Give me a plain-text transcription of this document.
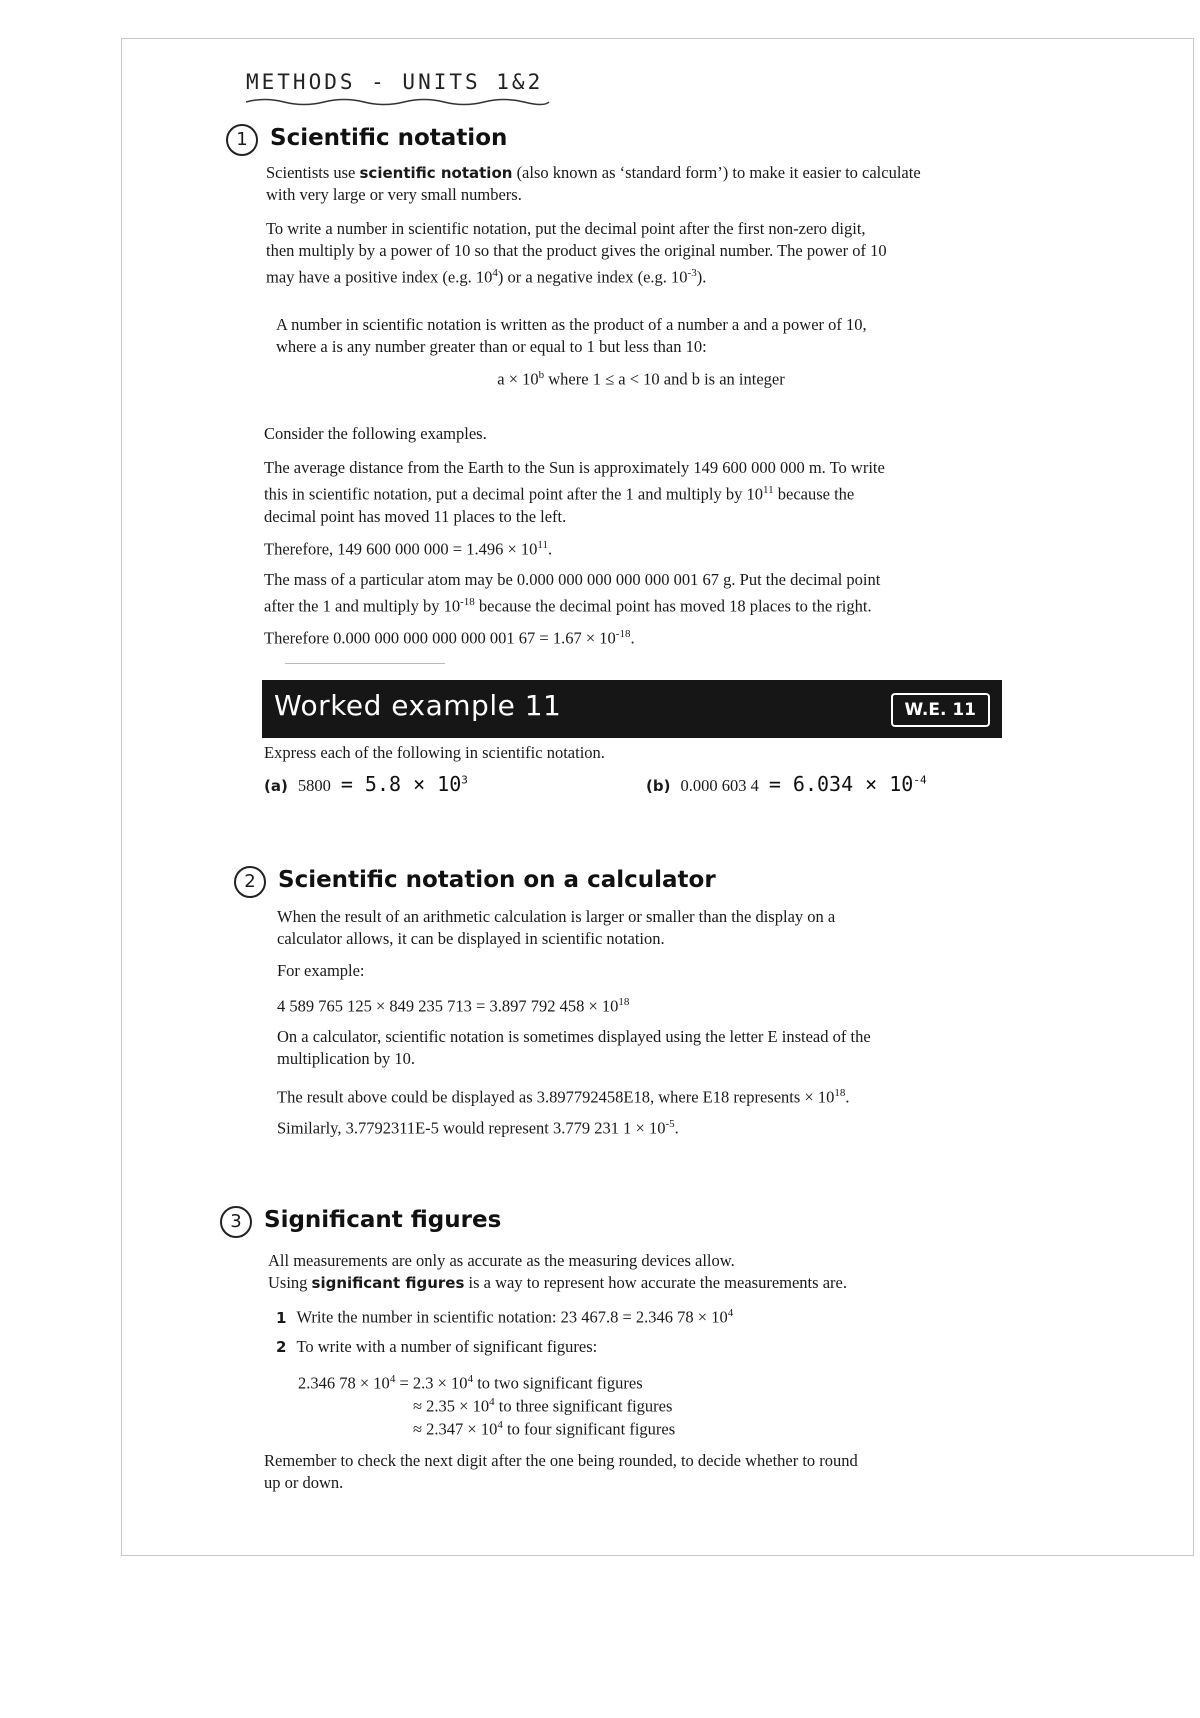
METHODS - UNITS 1&2
1 Scientific notation
Scientists use scientific notation (also known as ‘standard form’) to make it easier to calculate
with very large or very small numbers.
To write a number in scientific notation, put the decimal point after the first non-zero digit,
then multiply by a power of 10 so that the product gives the original number. The power of 10
may have a positive index (e.g. $10^4$) or a negative index (e.g. $10^{-3}$).
A number in scientific notation is written as the product of a number a and a power of 10,
where a is any number greater than or equal to 1 but less than 10:
$a \times 10^b$ where 1 ≤ a < 10 and b is an integer
Consider the following examples.
The average distance from the Earth to the Sun is approximately 149 600 000 000 m. To write
this in scientific notation, put a decimal point after the 1 and multiply by $10^{11}$ because the
decimal point has moved 11 places to the left.
Therefore, 149 600 000 $000 = 1.496 \times 10^{11}$.
The mass of a particular atom may be 0.000 000 000 000 000 001 67 g. Put the decimal point
after the 1 and multiply by $10^{-18}$ because the decimal point has moved 18 places to the right.
Therefore 0.000 000 000 000 000 001 $67 = 1.67 \times 10^{-18}$.
Worked example 11	W.E. 11
Express each of the following in scientific notation.
(a) $5800 = 5.8 \times 10^3$	(b) 0.000 603 $4 = 6.034 \times 10^{-4}$
2 Scientific notation on a calculator
When the result of an arithmetic calculation is larger or smaller than the display on a
calculator allows, it can be displayed in scientific notation.
For example:
4 589 765 125 × 849 235 713 = 3.897 792 $458 \times 10^{18}$
On a calculator, scientific notation is sometimes displayed using the letter E instead of the
multiplication by 10.
The result above could be displayed as 3.897792458E18, where E18 represents × $10^{18}$.
Similarly, 3.7792311E-5 would represent 3.779 231 $1 \times 10^{-5}$.
3 Significant figures
All measurements are only as accurate as the measuring devices allow.
Using significant figures is a way to represent how accurate the measurements are.
1 Write the number in scientific notation: 23 467.8 = 2.346 $78 \times 10^4$
2 To write with a number of significant figures:
2.346 $78 \times 10^4 = 2.3 \times 10^4$ to two significant figures
≈ $2.35 \times 10^4$ to three significant figures
≈ $2.347 \times 10^4$ to four significant figures
Remember to check the next digit after the one being rounded, to decide whether to round
up or down.
